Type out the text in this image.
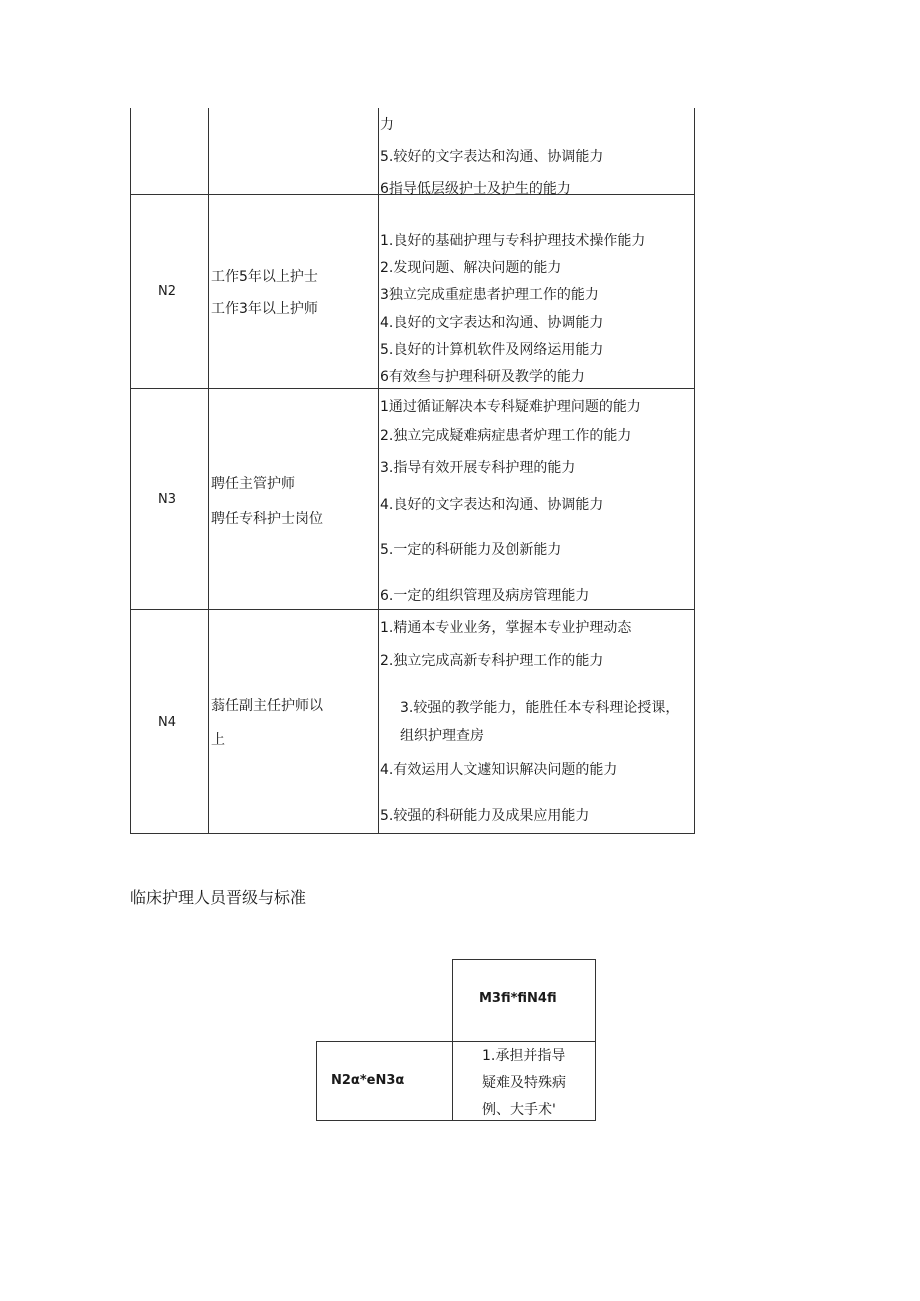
力
5.较好的文字表达和沟通、协调能力
6指导低层级护士及护生的能力
N2
工作5年以上护士
工作3年以上护师
1.良好的基础护理与专科护理技术操作能力
2.发现问题、解决问题的能力
3独立完成重症患者护理工作的能力
4.良好的文字表达和沟通、协调能力
5.良好的计算机软件及网络运用能力
6有效叁与护理科研及教学的能力
N3
聘任主管护师
聘任专科护士岗位
1通过循证解决本专科疑难护理问题的能力
2.独立完成疑难病症患者炉理工作的能力
3.指导有效开展专科护理的能力
4.良好的文字表达和沟通、协调能力
5.一定的科研能力及创新能力
6.一定的组织管理及病房管理能力
N4
蓊任副主任护师以
上
1.精通本专业业务，掌握本专业护理动态
2.独立完成高新专科护理工作的能力
3.较强的教学能力，能胜任本专科理论授课，
组织护理查房
4.有效运用人文遽知识解决问题的能力
5.较强的科研能力及成果应用能力
临床护理人员晋级与标准
M3fi*fiN4fi
N2α*eN3α
1.承担并指导
疑难及特殊病
例、大手术'
